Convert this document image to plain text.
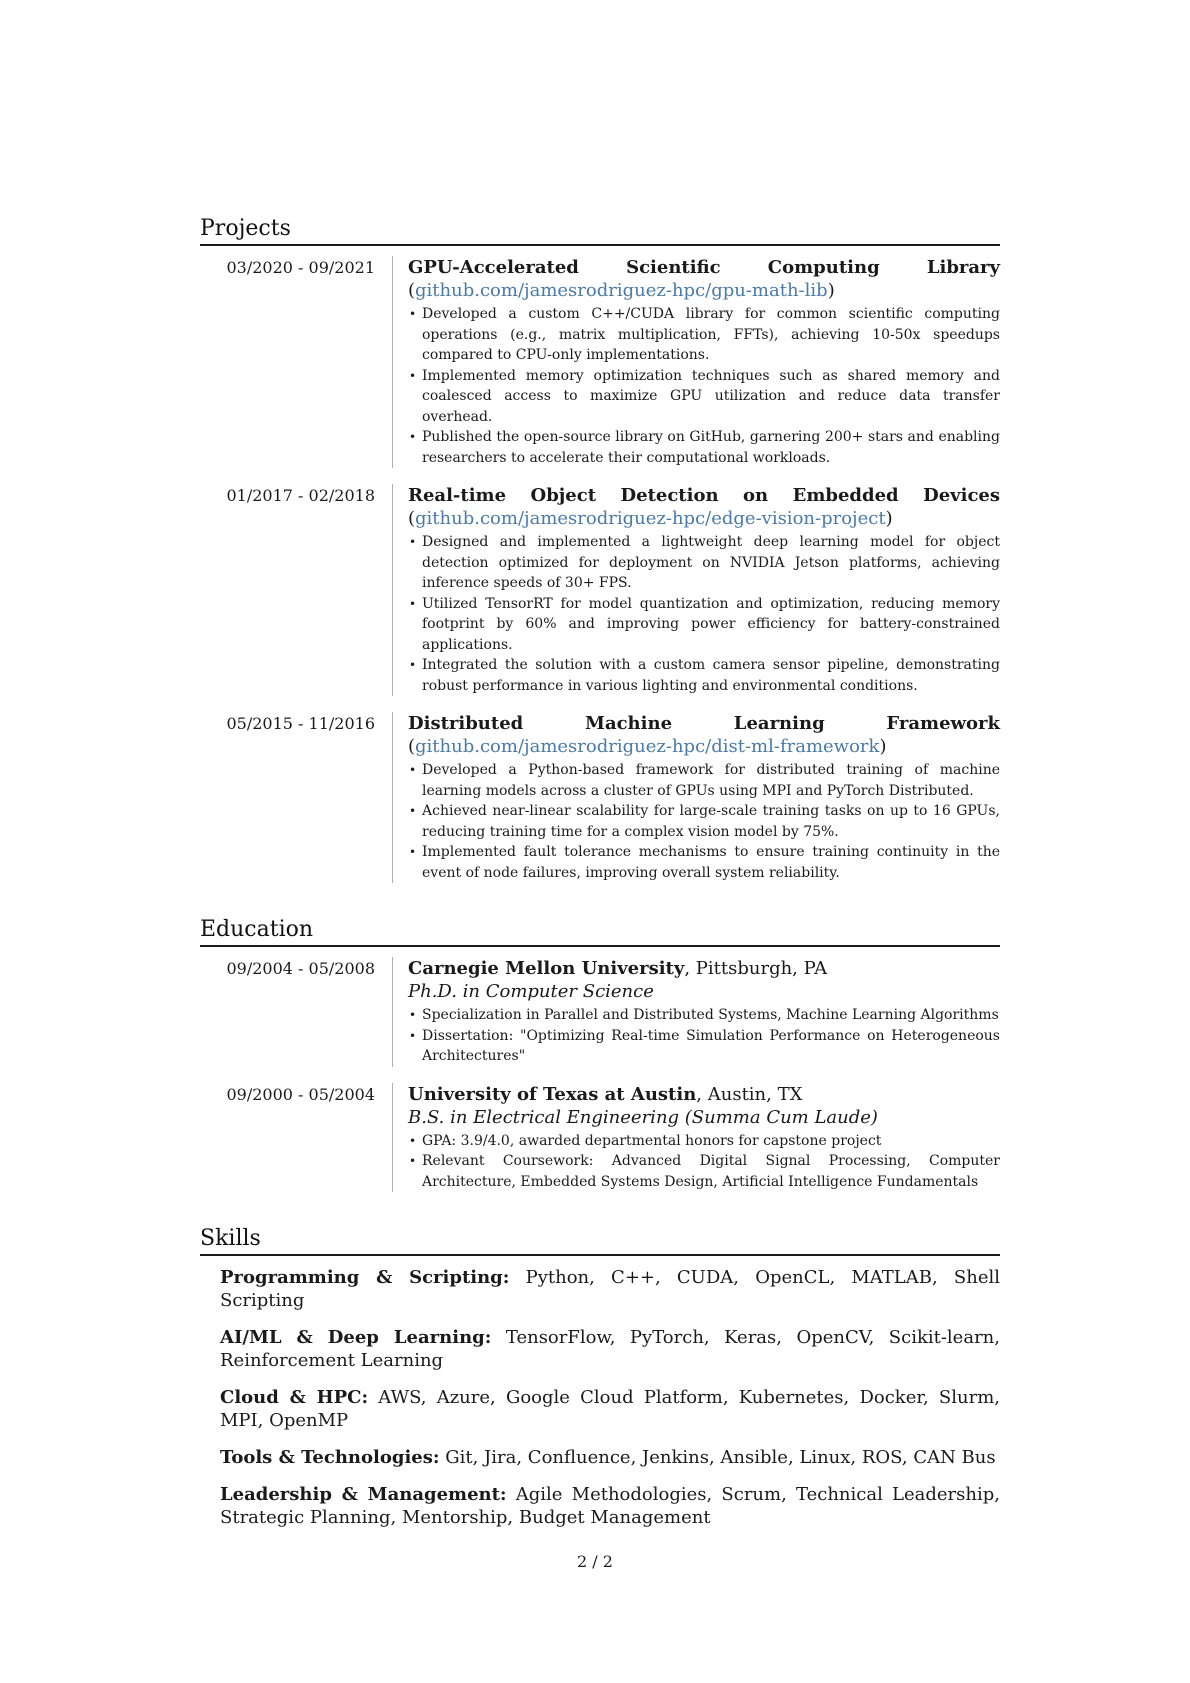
Projects
03/2020 - 09/2021	GPU-Accelerated Scientific Computing Library (github.com/jamesrodriguez-hpc/gpu-math-lib)
• Developed a custom C++/CUDA library for common scientific computing operations (e.g., matrix multiplication, FFTs), achieving 10-50x speedups compared to CPU-only implementations.
• Implemented memory optimization techniques such as shared memory and coalesced access to maximize GPU utilization and reduce data transfer overhead.
• Published the open-source library on GitHub, garnering 200+ stars and enabling researchers to accelerate their computational workloads.
01/2017 - 02/2018	Real-time Object Detection on Embedded Devices (github.com/jamesrodriguez-hpc/edge-vision-project)
• Designed and implemented a lightweight deep learning model for object detection optimized for deployment on NVIDIA Jetson platforms, achieving inference speeds of 30+ FPS.
• Utilized TensorRT for model quantization and optimization, reducing memory footprint by 60% and improving power efficiency for battery-constrained applications.
• Integrated the solution with a custom camera sensor pipeline, demonstrating robust performance in various lighting and environmental conditions.
05/2015 - 11/2016	Distributed Machine Learning Framework (github.com/jamesrodriguez-hpc/dist-ml-framework)
• Developed a Python-based framework for distributed training of machine learning models across a cluster of GPUs using MPI and PyTorch Distributed.
• Achieved near-linear scalability for large-scale training tasks on up to 16 GPUs, reducing training time for a complex vision model by 75%.
• Implemented fault tolerance mechanisms to ensure training continuity in the event of node failures, improving overall system reliability.
Education
09/2004 - 05/2008	Carnegie Mellon University, Pittsburgh, PA
Ph.D. in Computer Science
• Specialization in Parallel and Distributed Systems, Machine Learning Algorithms
• Dissertation: "Optimizing Real-time Simulation Performance on Heterogeneous Architectures"
09/2000 - 05/2004	University of Texas at Austin, Austin, TX
B.S. in Electrical Engineering (Summa Cum Laude)
• GPA: 3.9/4.0, awarded departmental honors for capstone project
• Relevant Coursework: Advanced Digital Signal Processing, Computer Architecture, Embedded Systems Design, Artificial Intelligence Fundamentals
Skills
Programming & Scripting: Python, C++, CUDA, OpenCL, MATLAB, Shell Scripting
AI/ML & Deep Learning: TensorFlow, PyTorch, Keras, OpenCV, Scikit-learn, Reinforcement Learning
Cloud & HPC: AWS, Azure, Google Cloud Platform, Kubernetes, Docker, Slurm, MPI, OpenMP
Tools & Technologies: Git, Jira, Confluence, Jenkins, Ansible, Linux, ROS, CAN Bus
Leadership & Management: Agile Methodologies, Scrum, Technical Leadership, Strategic Planning, Mentorship, Budget Management
2 / 2
